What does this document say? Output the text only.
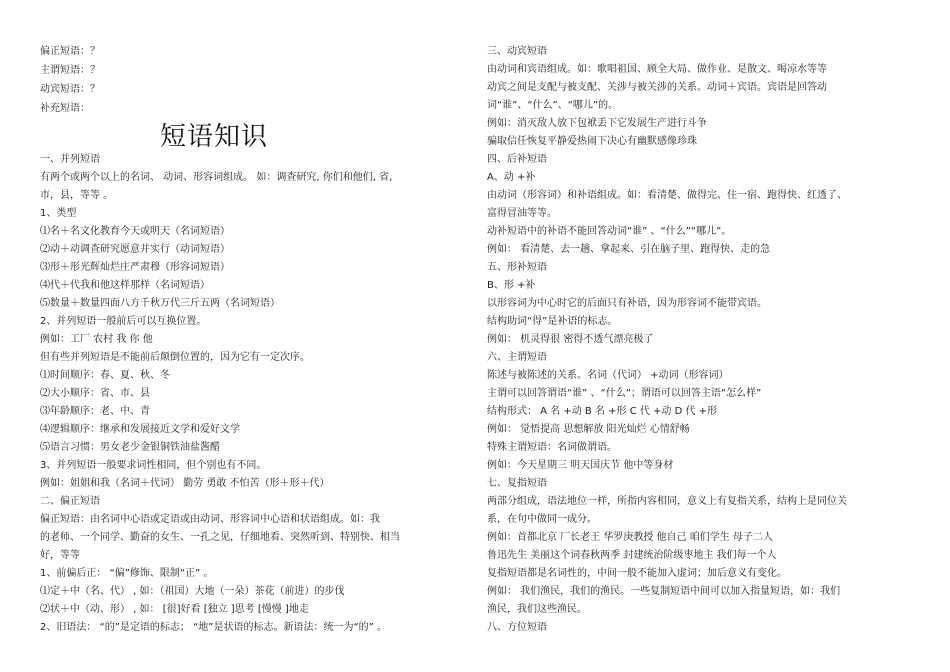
偏正短语：？
主谓短语：？
动宾短语：？
补充短语：
一、并列短语
有两个或两个以上的名词、 动词、形容词组成。 如：调查研究, 你们和他们, 省,
市，县，等等 。
1、类型
⑴名＋名文化教育今天或明天（名词短语）
⑵动＋动调查研究愿意并实行（动词短语）
⑶形＋形光辉灿烂庄严肃穆（形容词短语）
⑷代＋代我和他这样那样（名词短语）
⑸数量＋数量四面八方千秋万代三斤五两（名词短语）
2、并列短语一般前后可以互换位置。
例如：工厂 农村 我 你 他
但有些并列短语是不能前后颠倒位置的，因为它有一定次序。
⑴时间顺序：春、夏、秋、冬
⑵大小顺序：省、市、县
⑶年龄顺序：老、中、青
⑷逻辑顺序：继承和发展接近文学和爱好文学
⑸语言习惯：男女老少金银铜铁油盐酱醋
3、并列短语一般要求词性相同，但个别也有不同。
例如：姐姐和我（名词＋代词） 勤劳 勇敢 不怕苦（形＋形＋代）
二、偏正短语
偏正短语：由名词中心语或定语或由动词、形容词中心语和状语组成。如：我
的老师、一个同学、勤奋的女生、一孔之见，仔细地看、突然听到、特别快、相当
好，等等
1、前偏后正： “偏”修饰、限制“正” 。
⑴定＋中（名、代） , 如：（祖国）大地（一朵）茶花（前进）的步伐
⑵状＋中（动、形） , 如： [很]好看 [独立 ]思考 [慢慢 ]地走
2、旧语法： “的”是定语的标志； “地”是状语的标志。新语法：统一为“的” 。
短语知识
三、动宾短语
由动词和宾语组成。如：歌唱祖国、顾全大局、做作业、是散文、喝凉水等等
动宾之间是支配与被支配、关涉与被关涉的关系。动词＋宾语。宾语是回答动
词“谁”、“什么”、“哪儿”的。
例如：消灭敌人放下包袱丢下它发展生产进行斗争
骗取信任恢复平静爱热闹下决心有幽默感像珍珠
四、后补短语
A、动 +补
由动词（形容词）和补语组成。如：看清楚、做得完、住一宿、跑得快、红透了、
富得冒油等等。
动补短语中的补语不能回答动词“谁” 、“什么”“哪儿”。
例如： 看清楚、去一趟、拿起来、引在脑子里、跑得快、走的急
五、形补短语
B、形 +补
以形容词为中心时它的后面只有补语，因为形容词不能带宾语。
结构助词“得”是补语的标志。
例如： 机灵得很 密得不透气漂亮极了
六、主谓短语
陈述与被陈述的关系。名词（代词） +动词（形容词）
主谓可以回答谓语“谁” 、“什么”；谓语可以回答主语“怎么样”
结构形式： A 名 +动 B 名 +形 C 代 +动 D 代 +形
例如： 觉悟提高 思想解放 阳光灿烂 心情舒畅
特殊主谓短语：名词做谓语。
例如：今天星期三 明天国庆节 他中等身材
七、复指短语
两部分组成，语法地位一样，所指内容相同，意义上有复指关系，结构上是同位关
系，在句中做同一成分。
例如：首都北京 厂长老王 华罗庚教授 他自己 咱们学生 母子二人
鲁迅先生 美丽这个词春秋两季 封建统治阶级枣地主 我们每一个人
复指短语都是名词性的，中间一般不能加入虚词；加后意义有变化。
例如： 我们渔民，我们的渔民。一些复制短语中间可以加入指量短语，如：我们
渔民，我们这些渔民。
八、方位短语
